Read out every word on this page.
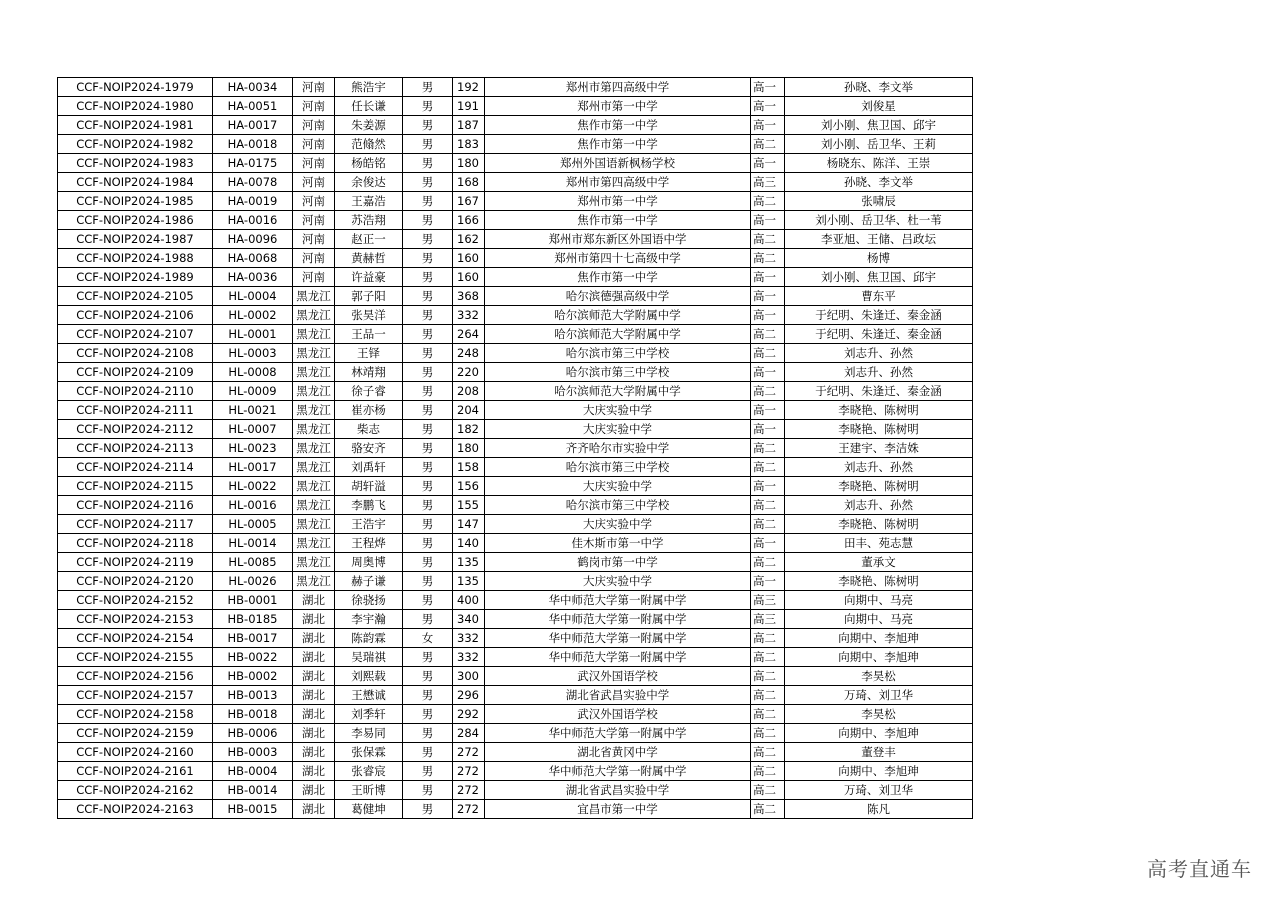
CCF-NOIP2024-1979	HA-0034	河南	熊浩宇	男	192	郑州市第四高级中学	高一	孙晓、李文举
CCF-NOIP2024-1980	HA-0051	河南	任长谦	男	191	郑州市第一中学	高一	刘俊星
CCF-NOIP2024-1981	HA-0017	河南	朱姜源	男	187	焦作市第一中学	高一	刘小刚、焦卫国、邱宇
CCF-NOIP2024-1982	HA-0018	河南	范翛然	男	183	焦作市第一中学	高二	刘小刚、岳卫华、王莉
CCF-NOIP2024-1983	HA-0175	河南	杨皓铭	男	180	郑州外国语新枫杨学校	高一	杨晓东、陈洋、王崇
CCF-NOIP2024-1984	HA-0078	河南	余俊达	男	168	郑州市第四高级中学	高三	孙晓、李文举
CCF-NOIP2024-1985	HA-0019	河南	王嘉浩	男	167	郑州市第一中学	高二	张啸辰
CCF-NOIP2024-1986	HA-0016	河南	苏浩翔	男	166	焦作市第一中学	高一	刘小刚、岳卫华、杜一苇
CCF-NOIP2024-1987	HA-0096	河南	赵正一	男	162	郑州市郑东新区外国语中学	高二	李亚旭、王储、吕政坛
CCF-NOIP2024-1988	HA-0068	河南	黄赫哲	男	160	郑州市第四十七高级中学	高二	杨博
CCF-NOIP2024-1989	HA-0036	河南	许益豪	男	160	焦作市第一中学	高一	刘小刚、焦卫国、邱宇
CCF-NOIP2024-2105	HL-0004	黑龙江	郭子阳	男	368	哈尔滨德强高级中学	高一	曹东平
CCF-NOIP2024-2106	HL-0002	黑龙江	张昊洋	男	332	哈尔滨师范大学附属中学	高一	于纪明、朱逢迁、秦金涵
CCF-NOIP2024-2107	HL-0001	黑龙江	王品一	男	264	哈尔滨师范大学附属中学	高二	于纪明、朱逢迁、秦金涵
CCF-NOIP2024-2108	HL-0003	黑龙江	王铎	男	248	哈尔滨市第三中学校	高二	刘志升、孙然
CCF-NOIP2024-2109	HL-0008	黑龙江	林靖翔	男	220	哈尔滨市第三中学校	高一	刘志升、孙然
CCF-NOIP2024-2110	HL-0009	黑龙江	徐子睿	男	208	哈尔滨师范大学附属中学	高二	于纪明、朱逢迁、秦金涵
CCF-NOIP2024-2111	HL-0021	黑龙江	崔亦杨	男	204	大庆实验中学	高一	李晓艳、陈树明
CCF-NOIP2024-2112	HL-0007	黑龙江	柴志	男	182	大庆实验中学	高一	李晓艳、陈树明
CCF-NOIP2024-2113	HL-0023	黑龙江	骆安齐	男	180	齐齐哈尔市实验中学	高二	王建宇、李洁姝
CCF-NOIP2024-2114	HL-0017	黑龙江	刘禹轩	男	158	哈尔滨市第三中学校	高二	刘志升、孙然
CCF-NOIP2024-2115	HL-0022	黑龙江	胡轩溢	男	156	大庆实验中学	高一	李晓艳、陈树明
CCF-NOIP2024-2116	HL-0016	黑龙江	李鹏飞	男	155	哈尔滨市第三中学校	高二	刘志升、孙然
CCF-NOIP2024-2117	HL-0005	黑龙江	王浩宇	男	147	大庆实验中学	高二	李晓艳、陈树明
CCF-NOIP2024-2118	HL-0014	黑龙江	王程烨	男	140	佳木斯市第一中学	高一	田丰、苑志慧
CCF-NOIP2024-2119	HL-0085	黑龙江	周奥博	男	135	鹤岗市第一中学	高二	董承文
CCF-NOIP2024-2120	HL-0026	黑龙江	赫子谦	男	135	大庆实验中学	高一	李晓艳、陈树明
CCF-NOIP2024-2152	HB-0001	湖北	徐骁扬	男	400	华中师范大学第一附属中学	高三	向期中、马亮
CCF-NOIP2024-2153	HB-0185	湖北	李宇瀚	男	340	华中师范大学第一附属中学	高三	向期中、马亮
CCF-NOIP2024-2154	HB-0017	湖北	陈韵霖	女	332	华中师范大学第一附属中学	高二	向期中、李旭珅
CCF-NOIP2024-2155	HB-0022	湖北	吴瑞祺	男	332	华中师范大学第一附属中学	高二	向期中、李旭珅
CCF-NOIP2024-2156	HB-0002	湖北	刘熙载	男	300	武汉外国语学校	高二	李昊松
CCF-NOIP2024-2157	HB-0013	湖北	王懋诚	男	296	湖北省武昌实验中学	高二	万琦、刘卫华
CCF-NOIP2024-2158	HB-0018	湖北	刘季轩	男	292	武汉外国语学校	高二	李昊松
CCF-NOIP2024-2159	HB-0006	湖北	李易同	男	284	华中师范大学第一附属中学	高二	向期中、李旭珅
CCF-NOIP2024-2160	HB-0003	湖北	张保霖	男	272	湖北省黄冈中学	高二	董登丰
CCF-NOIP2024-2161	HB-0004	湖北	张睿宸	男	272	华中师范大学第一附属中学	高二	向期中、李旭珅
CCF-NOIP2024-2162	HB-0014	湖北	王昕博	男	272	湖北省武昌实验中学	高二	万琦、刘卫华
CCF-NOIP2024-2163	HB-0015	湖北	葛健坤	男	272	宜昌市第一中学	高二	陈凡
高考直通车
